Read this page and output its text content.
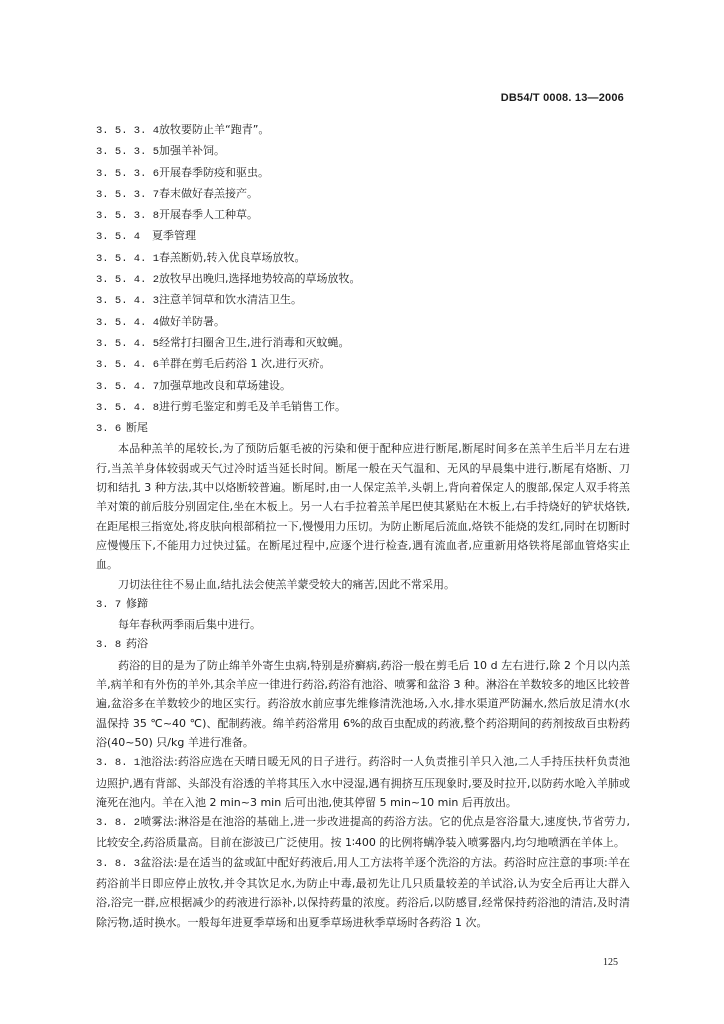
DB54/T 0008. 13—2006
3. 5. 3. 4放牧要防止羊“跑青”。
3. 5. 3. 5加强羊补饲。
3. 5. 3. 6开展春季防疫和驱虫。
3. 5. 3. 7春末做好春羔接产。
3. 5. 3. 8开展春季人工种草。
3. 5. 4 夏季管理
3. 5. 4. 1春羔断奶,转入优良草场放牧。
3. 5. 4. 2放牧早出晚归,选择地势较高的草场放牧。
3. 5. 4. 3注意羊饲草和饮水清洁卫生。
3. 5. 4. 4做好羊防暑。
3. 5. 4. 5经常打扫圈舍卫生,进行消毒和灭蚊蝇。
3. 5. 4. 6羊群在剪毛后药浴 1 次,进行灭疥。
3. 5. 4. 7加强草地改良和草场建设。
3. 5. 4. 8进行剪毛鉴定和剪毛及羊毛销售工作。
3. 6 断尾
本品种羔羊的尾较长,为了预防后躯毛被的污染和便于配种应进行断尾,断尾时间多在羔羊生后半月左右进行,当羔羊身体较弱或天气过冷时适当延长时间。断尾一般在天气温和、无风的早晨集中进行,断尾有烙断、刀切和结扎 3 种方法,其中以烙断较普遍。断尾时,由一人保定羔羊,头朝上,背向着保定人的腹部,保定人双手将羔羊对策的前后肢分别固定住,坐在木板上。另一人右手拉着羔羊尾巴使其紧贴在木板上,右手持烧好的铲状烙铁,在距尾根三指宽处,将皮肤向根部稍拉一下,慢慢用力压切。为防止断尾后流血,烙铁不能烧的发红,同时在切断时应慢慢压下,不能用力过快过猛。在断尾过程中,应逐个进行检查,遇有流血者,应重新用烙铁将尾部血管烙实止血。
刀切法往往不易止血,结扎法会使羔羊蒙受较大的痛苦,因此不常采用。
3. 7 修蹄
每年春秋两季雨后集中进行。
3. 8 药浴
药浴的目的是为了防止绵羊外寄生虫病,特别是疥癣病,药浴一般在剪毛后 10 d 左右进行,除 2 个月以内羔羊,病羊和有外伤的羊外,其余羊应一律进行药浴,药浴有池浴、喷雾和盆浴 3 种。淋浴在羊数较多的地区比较普遍,盆浴多在羊数较少的地区实行。药浴放水前应事先维修清洗池场,入水,排水渠道严防漏水,然后放足清水(水温保持 35 ℃~40 ℃)、配制药液。绵羊药浴常用 6%的敌百虫配成的药液,整个药浴期间的药剂按敌百虫粉药浴(40~50) 只/kg 羊进行准备。
3. 8. 1池浴法:药浴应选在天晴日暖无风的日子进行。药浴时一人负责推引羊只入池,二人手持压扶杆负责池边照护,遇有背部、头部没有浴透的羊将其压入水中浸湿,遇有拥挤互压现象时,要及时拉开,以防药水呛入羊肺或淹死在池内。羊在入池 2 min~3 min 后可出池,使其停留 5 min~10 min 后再放出。
3. 8. 2喷雾法:淋浴是在池浴的基础上,进一步改进提高的药浴方法。它的优点是容浴量大,速度快,节省劳力,比较安全,药浴质量高。目前在澎波已广泛使用。按 1∶400 的比例将螨净装入喷雾器内,均匀地喷洒在羊体上。
3. 8. 3盆浴法:是在适当的盆或缸中配好药液后,用人工方法将羊逐个洗浴的方法。药浴时应注意的事项:羊在药浴前半日即应停止放牧,并令其饮足水,为防止中毒,最初先让几只质量较差的羊试浴,认为安全后再让大群入浴,浴完一群,应根据减少的药液进行添补,以保持药量的浓度。药浴后,以防感冒,经常保持药浴池的清洁,及时清除污物,适时换水。一般每年进夏季草场和出夏季草场进秋季草场时各药浴 1 次。
125
